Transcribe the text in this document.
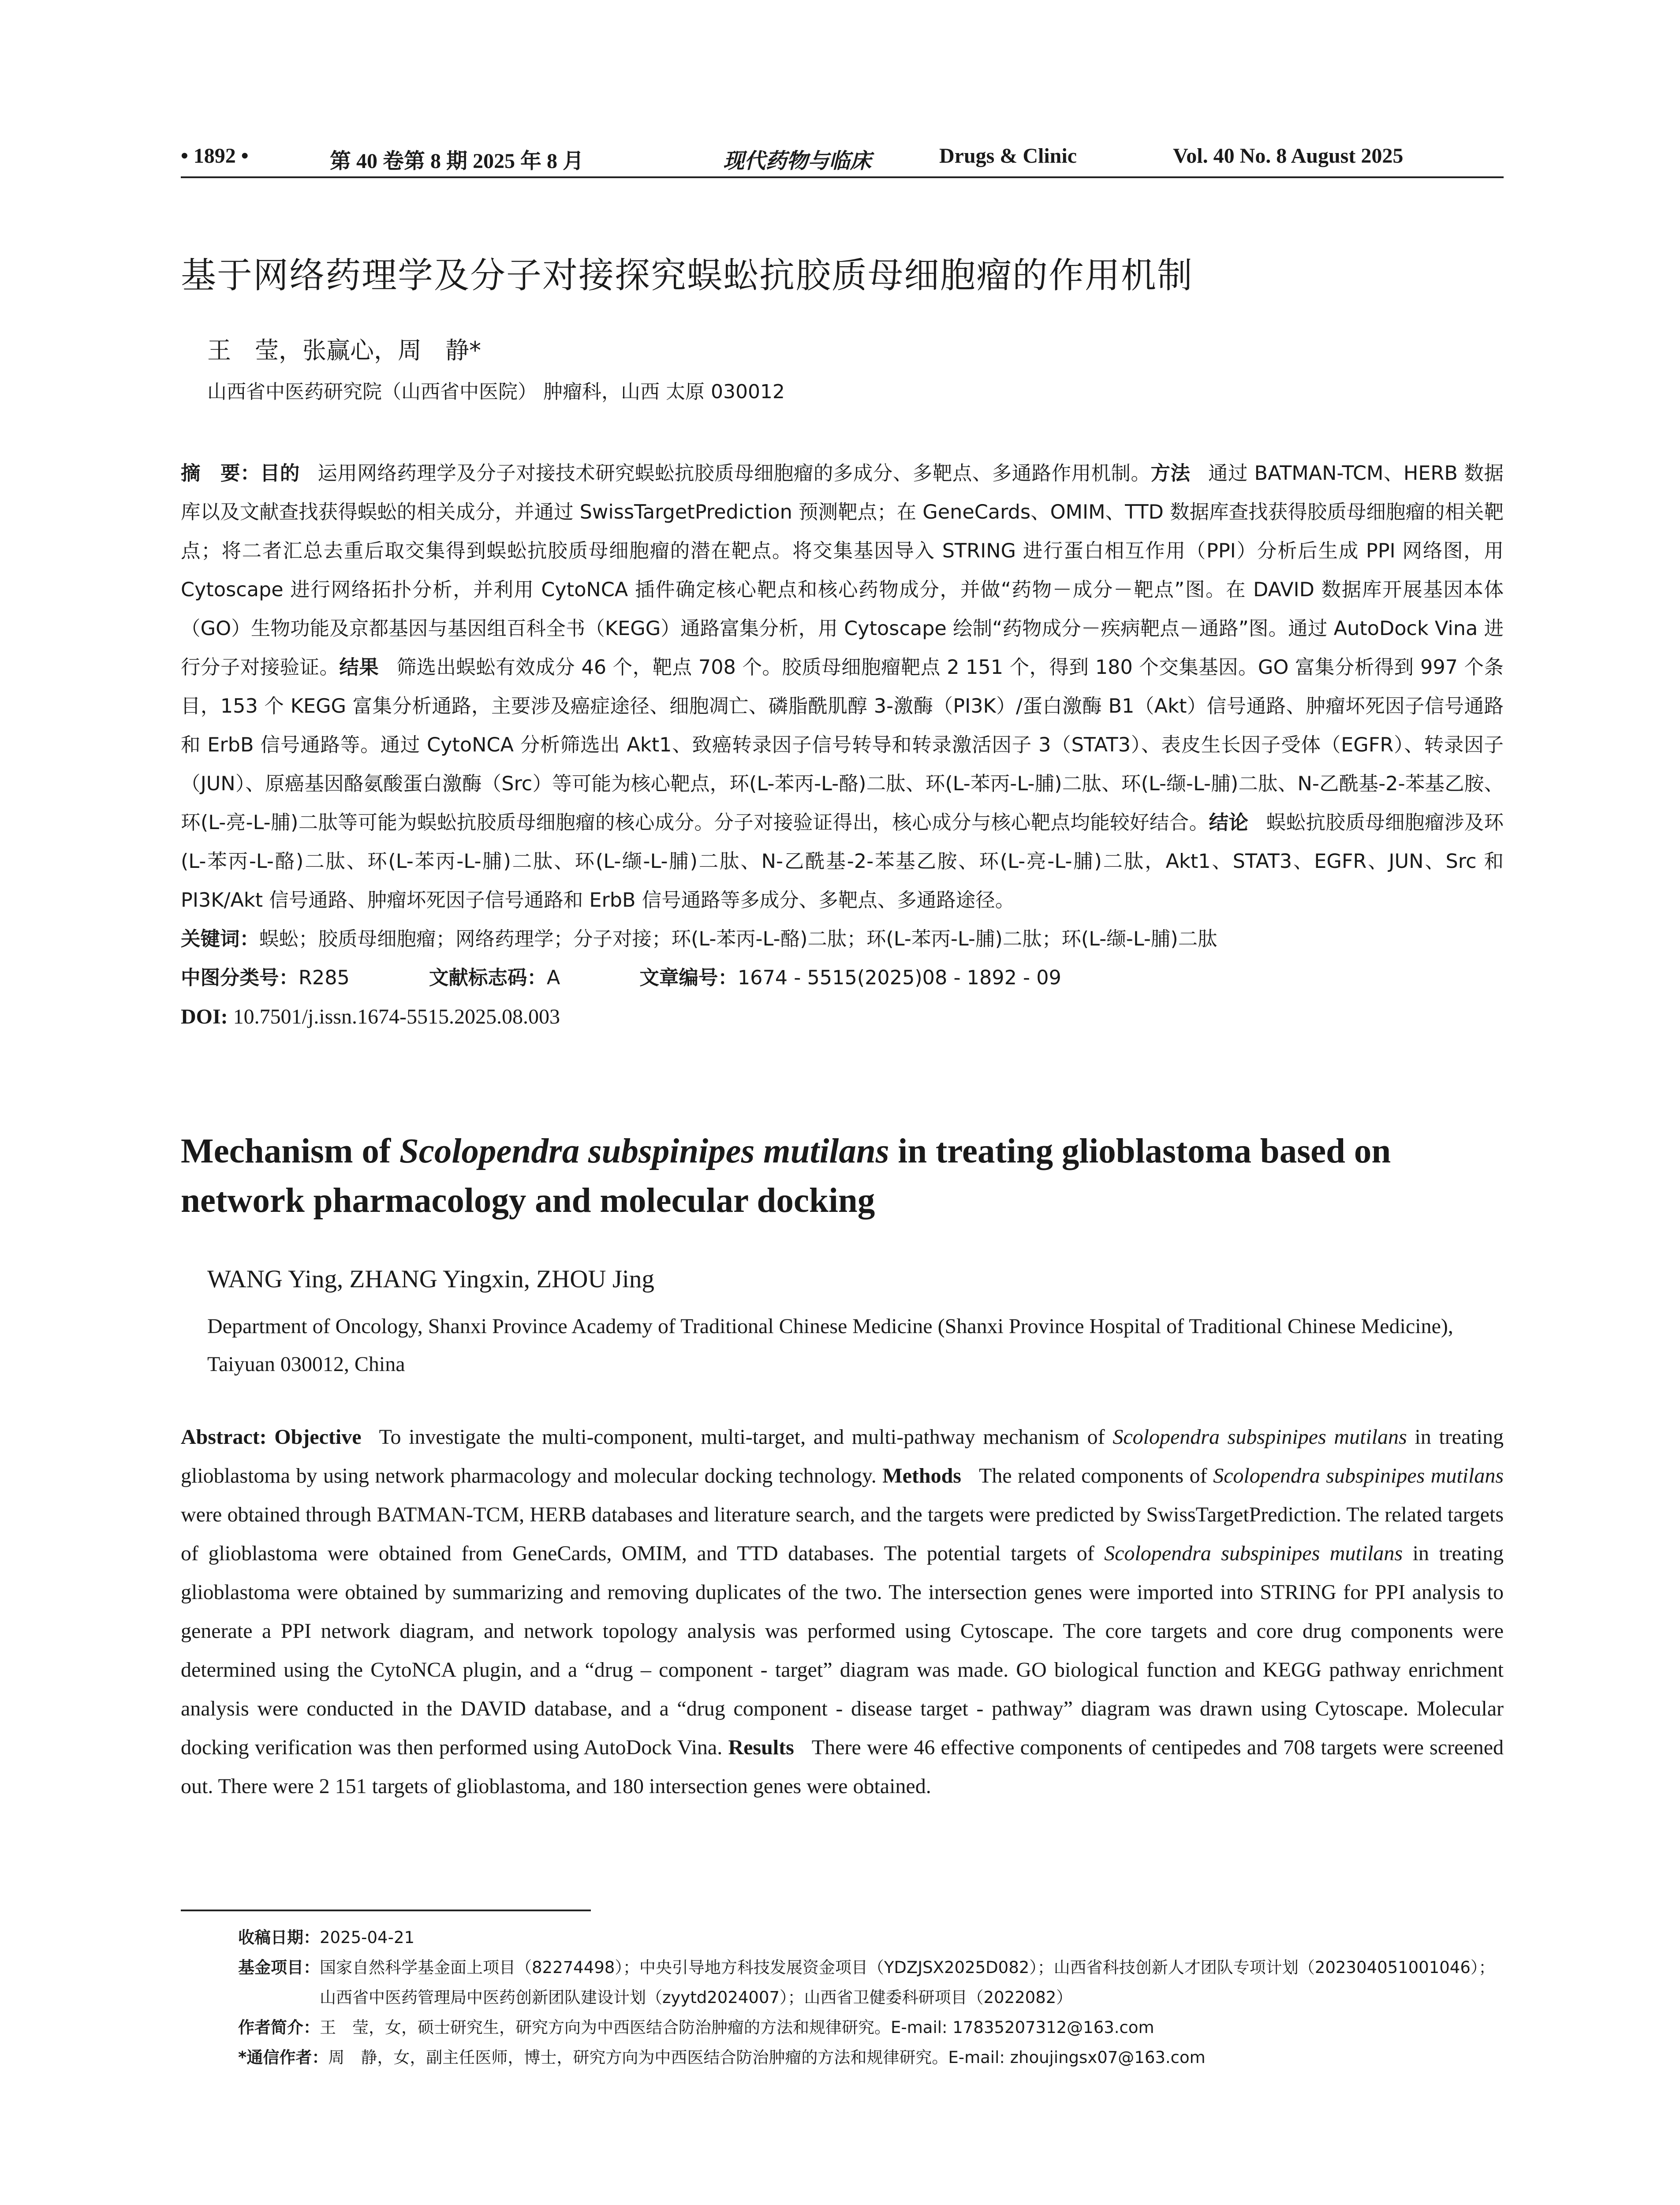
• 1892 •	第 40 卷第 8 期 2025 年 8 月	现代药物与临床	Drugs & Clinic	Vol. 40 No. 8 August 2025
基于网络药理学及分子对接探究蜈蚣抗胶质母细胞瘤的作用机制
王　莹，张赢心，周　静*
山西省中医药研究院（山西省中医院） 肿瘤科，山西 太原 030012

摘　要：目的 运用网络药理学及分子对接技术研究蜈蚣抗胶质母细胞瘤的多成分、多靶点、多通路作用机制。方法 通过 BATMAN-TCM、HERB 数据库以及文献查找获得蜈蚣的相关成分，并通过 SwissTargetPrediction 预测靶点；在 GeneCards、OMIM、TTD 数据库查找获得胶质母细胞瘤的相关靶点；将二者汇总去重后取交集得到蜈蚣抗胶质母细胞瘤的潜在靶点。将交集基因导入 STRING 进行蛋白相互作用（PPI）分析后生成 PPI 网络图，用 Cytoscape 进行网络拓扑分析，并利用 CytoNCA 插件确定核心靶点和核心药物成分，并做“药物－成分－靶点”图。在 DAVID 数据库开展基因本体（GO）生物功能及京都基因与基因组百科全书（KEGG）通路富集分析，用 Cytoscape 绘制“药物成分－疾病靶点－通路”图。通过 AutoDock Vina 进行分子对接验证。结果 筛选出蜈蚣有效成分 46 个，靶点 708 个。胶质母细胞瘤靶点 2 151 个，得到 180 个交集基因。GO 富集分析得到 997 个条目，153 个 KEGG 富集分析通路，主要涉及癌症途径、细胞凋亡、磷脂酰肌醇 3-激酶（PI3K）/蛋白激酶 B1（Akt）信号通路、肿瘤坏死因子信号通路和 ErbB 信号通路等。通过 CytoNCA 分析筛选出 Akt1、致癌转录因子信号转导和转录激活因子 3（STAT3）、表皮生长因子受体（EGFR）、转录因子（JUN）、原癌基因酪氨酸蛋白激酶（Src）等可能为核心靶点，环(L-苯丙-L-酪)二肽、环(L-苯丙-L-脯)二肽、环(L-缬-L-脯)二肽、N-乙酰基-2-苯基乙胺、环(L-亮-L-脯)二肽等可能为蜈蚣抗胶质母细胞瘤的核心成分。分子对接验证得出，核心成分与核心靶点均能较好结合。结论 蜈蚣抗胶质母细胞瘤涉及环(L-苯丙-L-酪)二肽、环(L-苯丙-L-脯)二肽、环(L-缬-L-脯)二肽、N-乙酰基-2-苯基乙胺、环(L-亮-L-脯)二肽，Akt1、STAT3、EGFR、JUN、Src 和 PI3K/Akt 信号通路、肿瘤坏死因子信号通路和 ErbB 信号通路等多成分、多靶点、多通路途径。

关键词：蜈蚣；胶质母细胞瘤；网络药理学；分子对接；环(L-苯丙-L-酪)二肽；环(L-苯丙-L-脯)二肽；环(L-缬-L-脯)二肽

中图分类号：R285	文献标志码：A	文章编号：1674 - 5515(2025)08 - 1892 - 09

DOI: 10.7501/j.issn.1674-5515.2025.08.003

Mechanism of Scolopendra subspinipes mutilans in treating glioblastoma based on network pharmacology and molecular docking
WANG Ying, ZHANG Yingxin, ZHOU Jing
Department of Oncology, Shanxi Province Academy of Traditional Chinese Medicine (Shanxi Province Hospital of Traditional Chinese Medicine), Taiyuan 030012, China

Abstract: Objective To investigate the multi-component, multi-target, and multi-pathway mechanism of Scolopendra subspinipes mutilans in treating glioblastoma by using network pharmacology and molecular docking technology. Methods The related components of Scolopendra subspinipes mutilans were obtained through BATMAN-TCM, HERB databases and literature search, and the targets were predicted by SwissTargetPrediction. The related targets of glioblastoma were obtained from GeneCards, OMIM, and TTD databases. The potential targets of Scolopendra subspinipes mutilans in treating glioblastoma were obtained by summarizing and removing duplicates of the two. The intersection genes were imported into STRING for PPI analysis to generate a PPI network diagram, and network topology analysis was performed using Cytoscape. The core targets and core drug components were determined using the CytoNCA plugin, and a “drug – component - target” diagram was made. GO biological function and KEGG pathway enrichment analysis were conducted in the DAVID database, and a “drug component - disease target - pathway” diagram was drawn using Cytoscape. Molecular docking verification was then performed using AutoDock Vina. Results There were 46 effective components of centipedes and 708 targets were screened out. There were 2 151 targets of glioblastoma, and 180 intersection genes were obtained.

收稿日期： 2025-04-21
基金项目： 国家自然科学基金面上项目（82274498）；中央引导地方科技发展资金项目（YDZJSX2025D082）；山西省科技创新人才团队专项计划（202304051001046）；山西省中医药管理局中医药创新团队建设计划（zyytd2024007）；山西省卫健委科研项目（2022082）
作者简介： 王　莹，女，硕士研究生，研究方向为中西医结合防治肿瘤的方法和规律研究。E-mail: 17835207312@163.com
*通信作者： 周　静，女，副主任医师，博士，研究方向为中西医结合防治肿瘤的方法和规律研究。E-mail: zhoujingsx07@163.com
